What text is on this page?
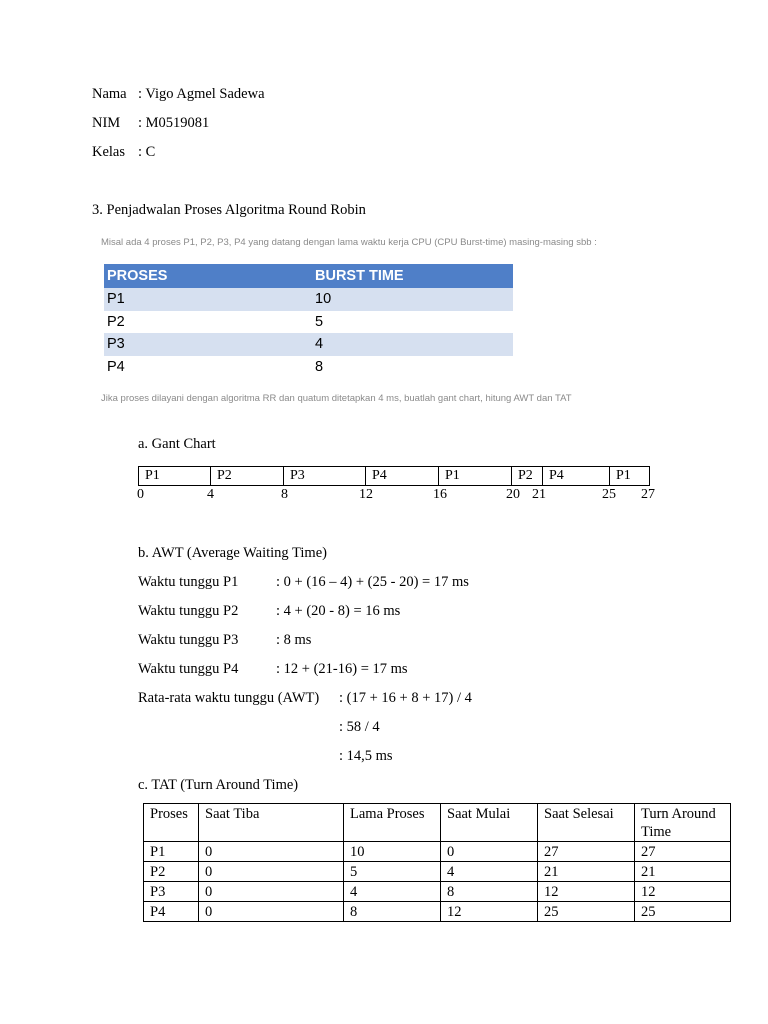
Nama : Vigo Agmel Sadewa
NIM : M0519081
Kelas : C
3. Penjadwalan Proses Algoritma Round Robin
Misal ada 4 proses P1, P2, P3, P4 yang datang dengan lama waktu kerja CPU (CPU Burst-time) masing-masing sbb :
PROSES	BURST TIME
P1	10
P2	5
P3	4
P4	8
Jika proses dilayani dengan algoritma RR dan quatum ditetapkan 4 ms, buatlah gant chart, hitung AWT dan TAT
a. Gant Chart
P1	P2	P3	P4	P1	P2	P4	P1
0	4	8	12	16	20 21	25 27
b. AWT (Average Waiting Time)
Waktu tunggu P1	: 0 + (16 – 4) + (25 - 20) = 17 ms
Waktu tunggu P2	: 4 + (20 - 8) = 16 ms
Waktu tunggu P3	: 8 ms
Waktu tunggu P4	: 12 + (21-16) = 17 ms
Rata-rata waktu tunggu (AWT) : (17 + 16 + 8 + 17) / 4
: 58 / 4
: 14,5 ms
c. TAT (Turn Around Time)
Proses	Saat Tiba	Lama Proses	Saat Mulai	Saat Selesai	Turn Around Time
P1	0	10	0	27	27
P2	0	5	4	21	21
P3	0	4	8	12	12
P4	0	8	12	25	25
